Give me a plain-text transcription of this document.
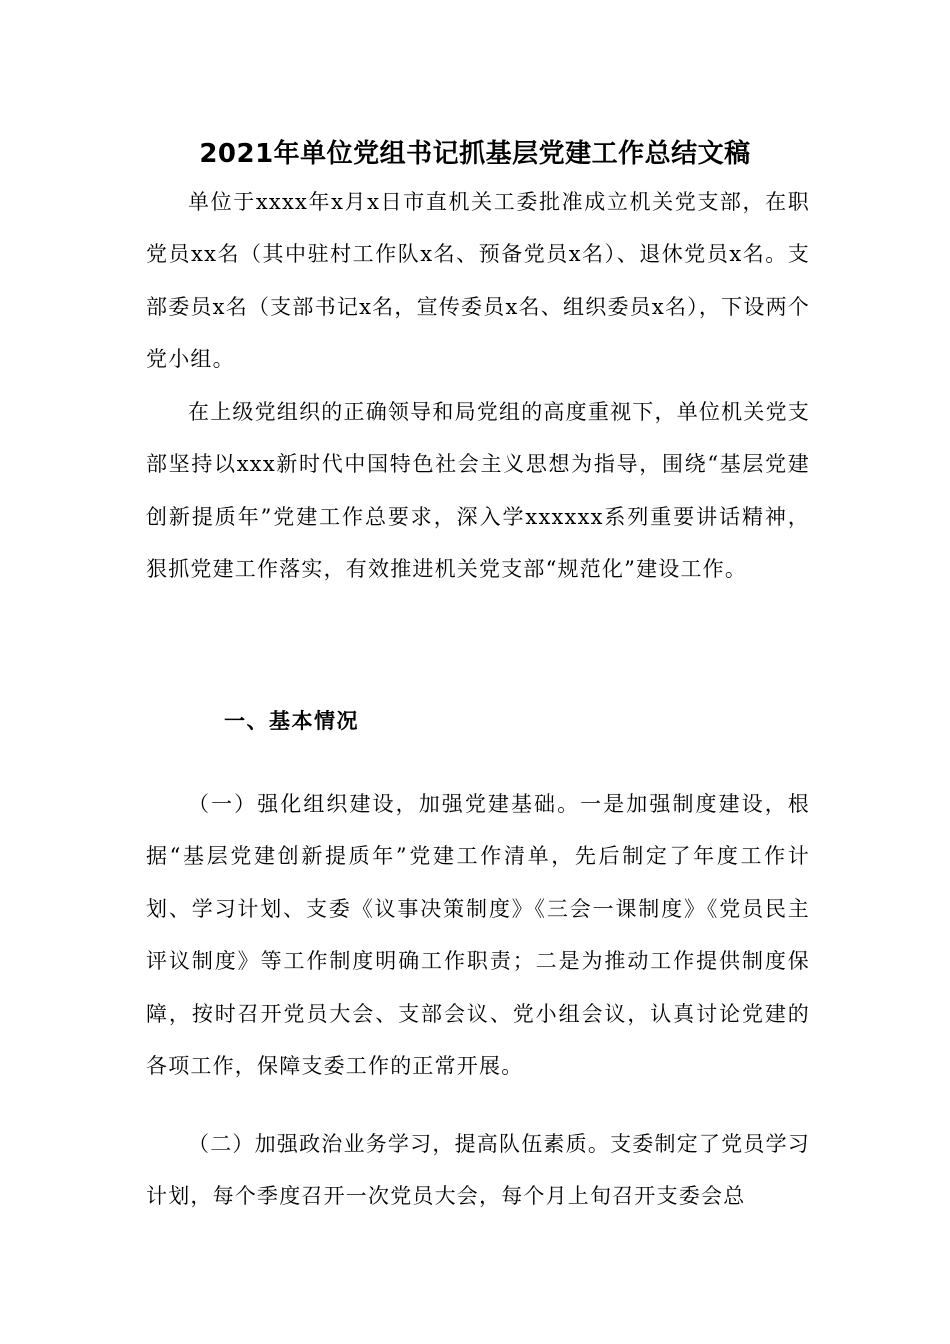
2021年单位党组书记抓基层党建工作总结文稿

单位于xxxx年x月x日市直机关工委批准成立机关党支部，在职党员xx名（其中驻村工作队x名、预备党员x名）、退休党员x名。支部委员x名（支部书记x名，宣传委员x名、组织委员x名），下设两个党小组。

在上级党组织的正确领导和局党组的高度重视下，单位机关党支部坚持以xxx新时代中国特色社会主义思想为指导，围绕“基层党建创新提质年”党建工作总要求，深入学xxxxxx系列重要讲话精神，狠抓党建工作落实，有效推进机关党支部“规范化”建设工作。

一、基本情况

（一）强化组织建设，加强党建基础。一是加强制度建设，根据“基层党建创新提质年”党建工作清单，先后制定了年度工作计划、学习计划、支委《议事决策制度》《三会一课制度》《党员民主评议制度》等工作制度明确工作职责；二是为推动工作提供制度保障，按时召开党员大会、支部会议、党小组会议，认真讨论党建的各项工作，保障支委工作的正常开展。

（二）加强政治业务学习，提高队伍素质。支委制定了党员学习计划，每个季度召开一次党员大会，每个月上旬召开支委会总
